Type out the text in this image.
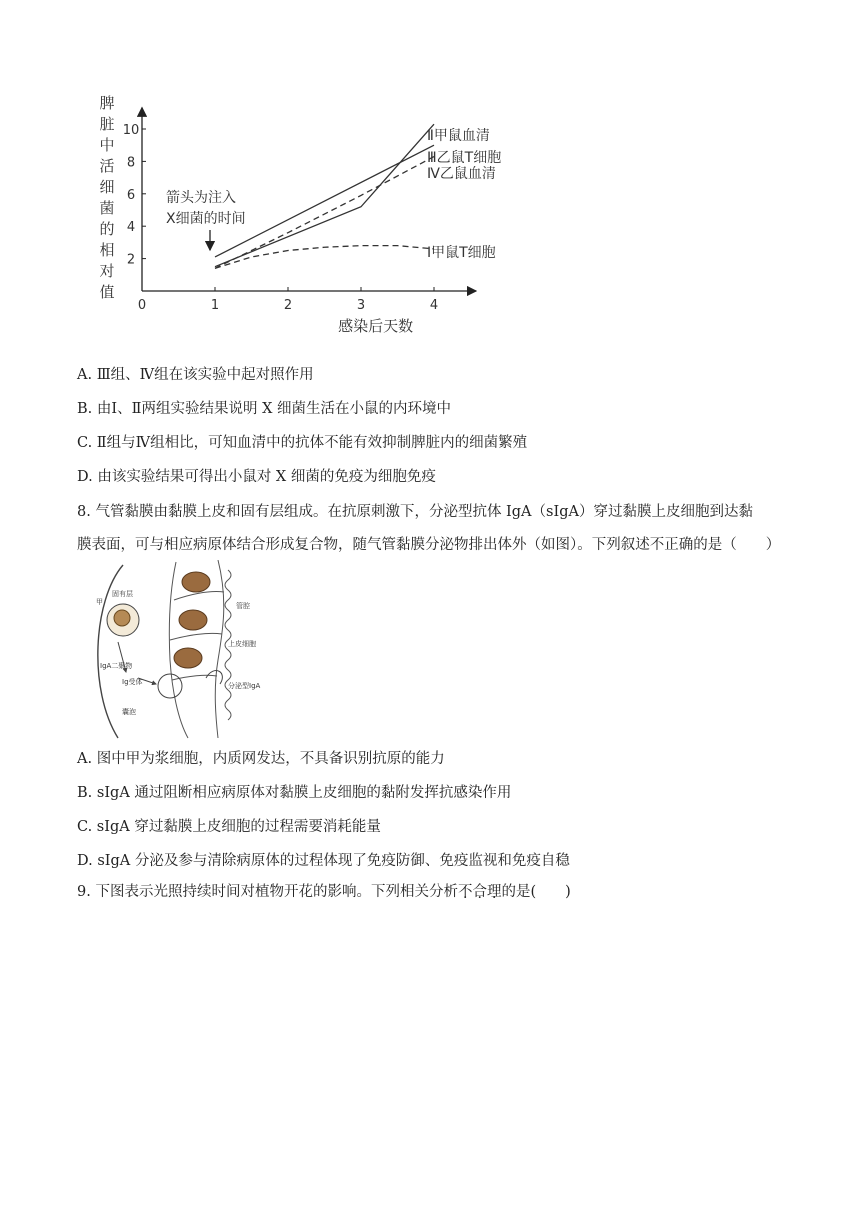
0	1	2	3	4
2
4
6
8
10
脾
脏
中
活
细
菌
的
相
对
值
感染后天数
箭头为注入
X细菌的时间
Ⅱ甲鼠血清
Ⅲ乙鼠T细胞
Ⅳ乙鼠血清
Ⅰ甲鼠T细胞
A. Ⅲ组、Ⅳ组在该实验中起对照作用
B. 由Ⅰ、Ⅱ两组实验结果说明 X 细菌生活在小鼠的内环境中
C. Ⅱ组与Ⅳ组相比，可知血清中的抗体不能有效抑制脾脏内的细菌繁殖
D. 由该实验结果可得出小鼠对 X 细菌的免疫为细胞免疫
8. 气管黏膜由黏膜上皮和固有层组成。在抗原刺激下，分泌型抗体 IgA（sIgA）穿过黏膜上皮细胞到达黏
膜表面，可与相应病原体结合形成复合物，随气管黏膜分泌物排出体外（如图）。下列叙述不正确的是（　　）
甲
固有层
管腔
上皮细胞
IgA二聚物
Ig受体
囊泡
分泌型IgA
A. 图中甲为浆细胞，内质网发达，不具备识别抗原的能力
B. sIgA 通过阻断相应病原体对黏膜上皮细胞的黏附发挥抗感染作用
C. sIgA 穿过黏膜上皮细胞的过程需要消耗能量
D. sIgA 分泌及参与清除病原体的过程体现了免疫防御、免疫监视和免疫自稳
9. 下图表示光照持续时间对植物开花的影响。下列相关分析不合理的是(　　)
